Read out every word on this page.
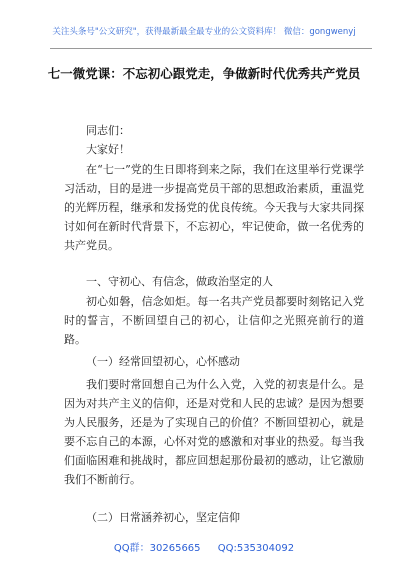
关注头条号"公文研究"，获得最新最全最专业的公文资料库！ 微信：gongwenyj
七一微党课：不忘初心跟党走，争做新时代优秀共产党员
同志们：
大家好！
在“七一”党的生日即将到来之际，我们在这里举行党课学习活动，目的是进一步提高党员干部的思想政治素质，重温党的光辉历程，继承和发扬党的优良传统。今天我与大家共同探讨如何在新时代背景下，不忘初心，牢记使命，做一名优秀的共产党员。
一、守初心、有信念，做政治坚定的人
初心如磐，信念如炬。每一名共产党员都要时刻铭记入党时的誓言，不断回望自己的初心，让信仰之光照亮前行的道路。
（一）经常回望初心，心怀感动
我们要时常回想自己为什么入党，入党的初衷是什么。是因为对共产主义的信仰，还是对党和人民的忠诚？是因为想要为人民服务，还是为了实现自己的价值？不断回望初心，就是要不忘自己的本源，心怀对党的感激和对事业的热爱。每当我们面临困难和挑战时，都应回想起那份最初的感动，让它激励我们不断前行。
（二）日常涵养初心，坚定信仰
QQ群：30265665 QQ:535304092
